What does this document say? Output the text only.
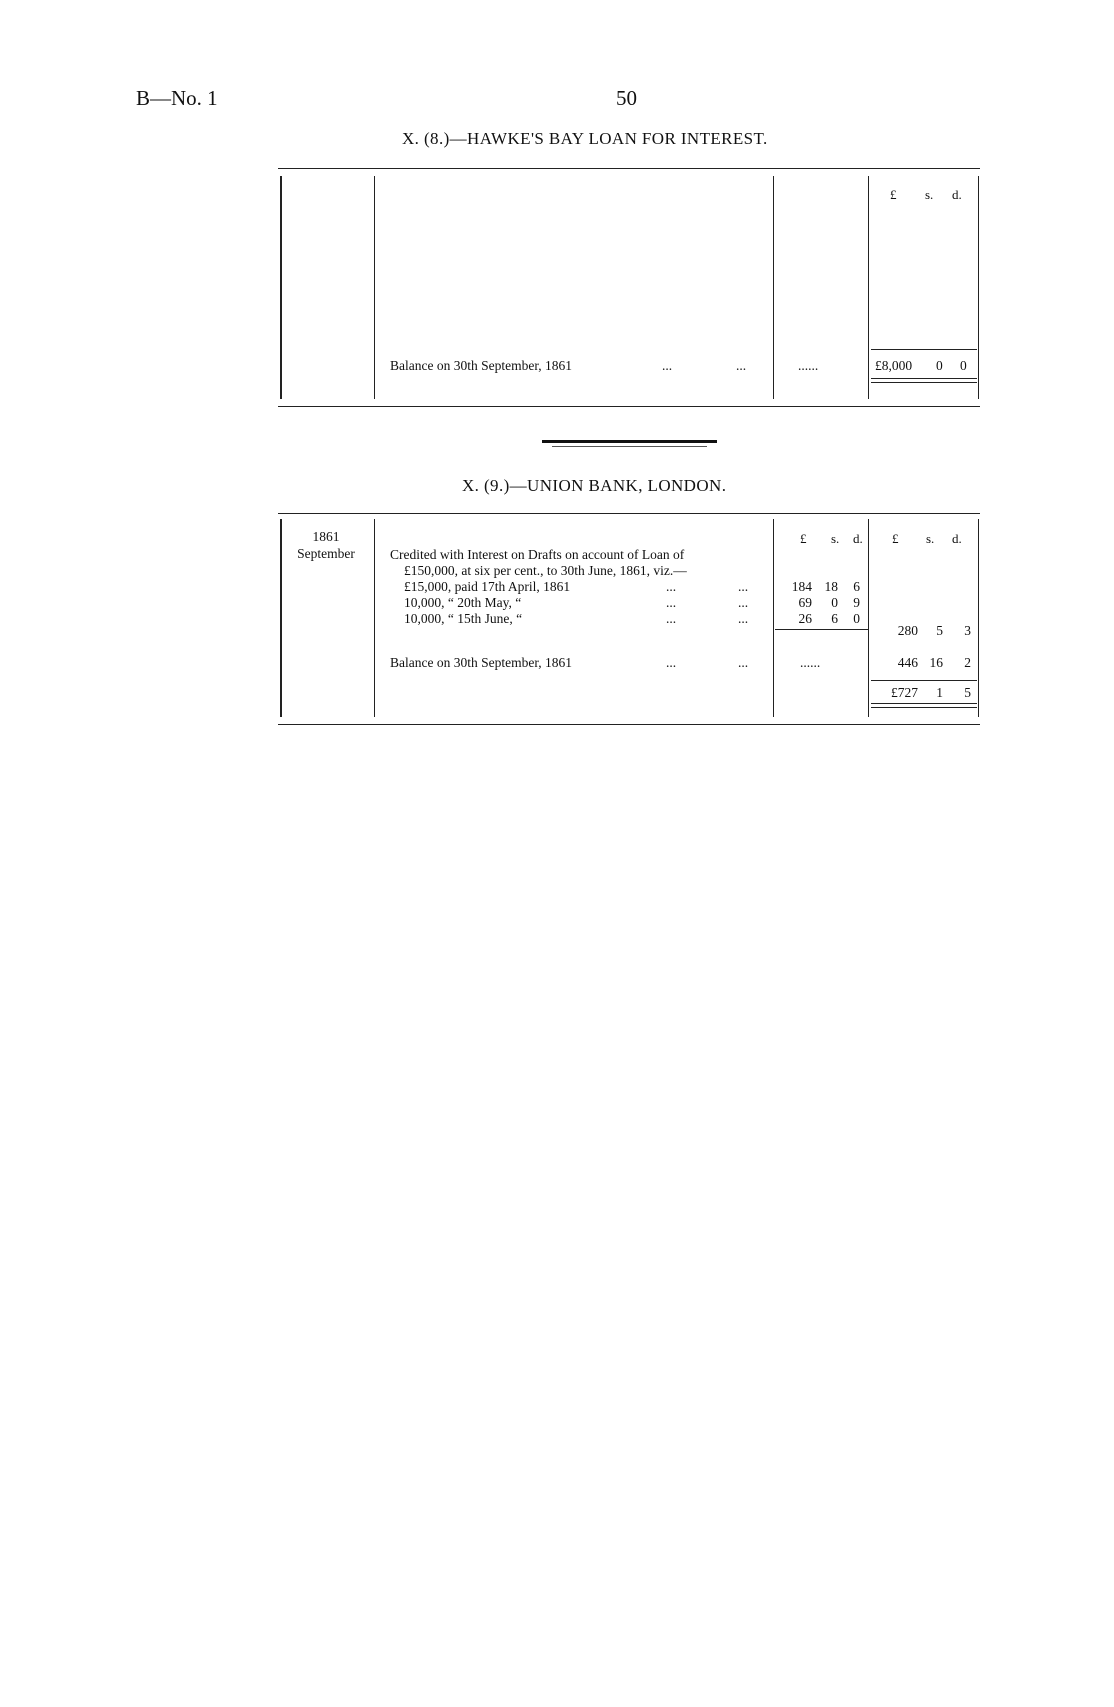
B—No. 1	50
X. (8.)—HAWKE'S BAY LOAN FOR INTEREST.
£ s. d.
Balance on 30th September, 1861	...	...	......	£8,000 0 0
X. (9.)—UNION BANK, LONDON.
1861
September
£ s. d. £ s. d.
Credited with Interest on Drafts on account of Loan of
£150,000, at six per cent., to 30th June, 1861, viz.—
£15,000, paid 17th April, 1861	...	...	184 18	6
10,000, “ 20th May, “	...	...	69	0	9
10,000, “ 15th June, “	...	...	26	6	0
280	5	3
Balance on 30th September, 1861	...	...	......	446 16	2
£727	1	5
